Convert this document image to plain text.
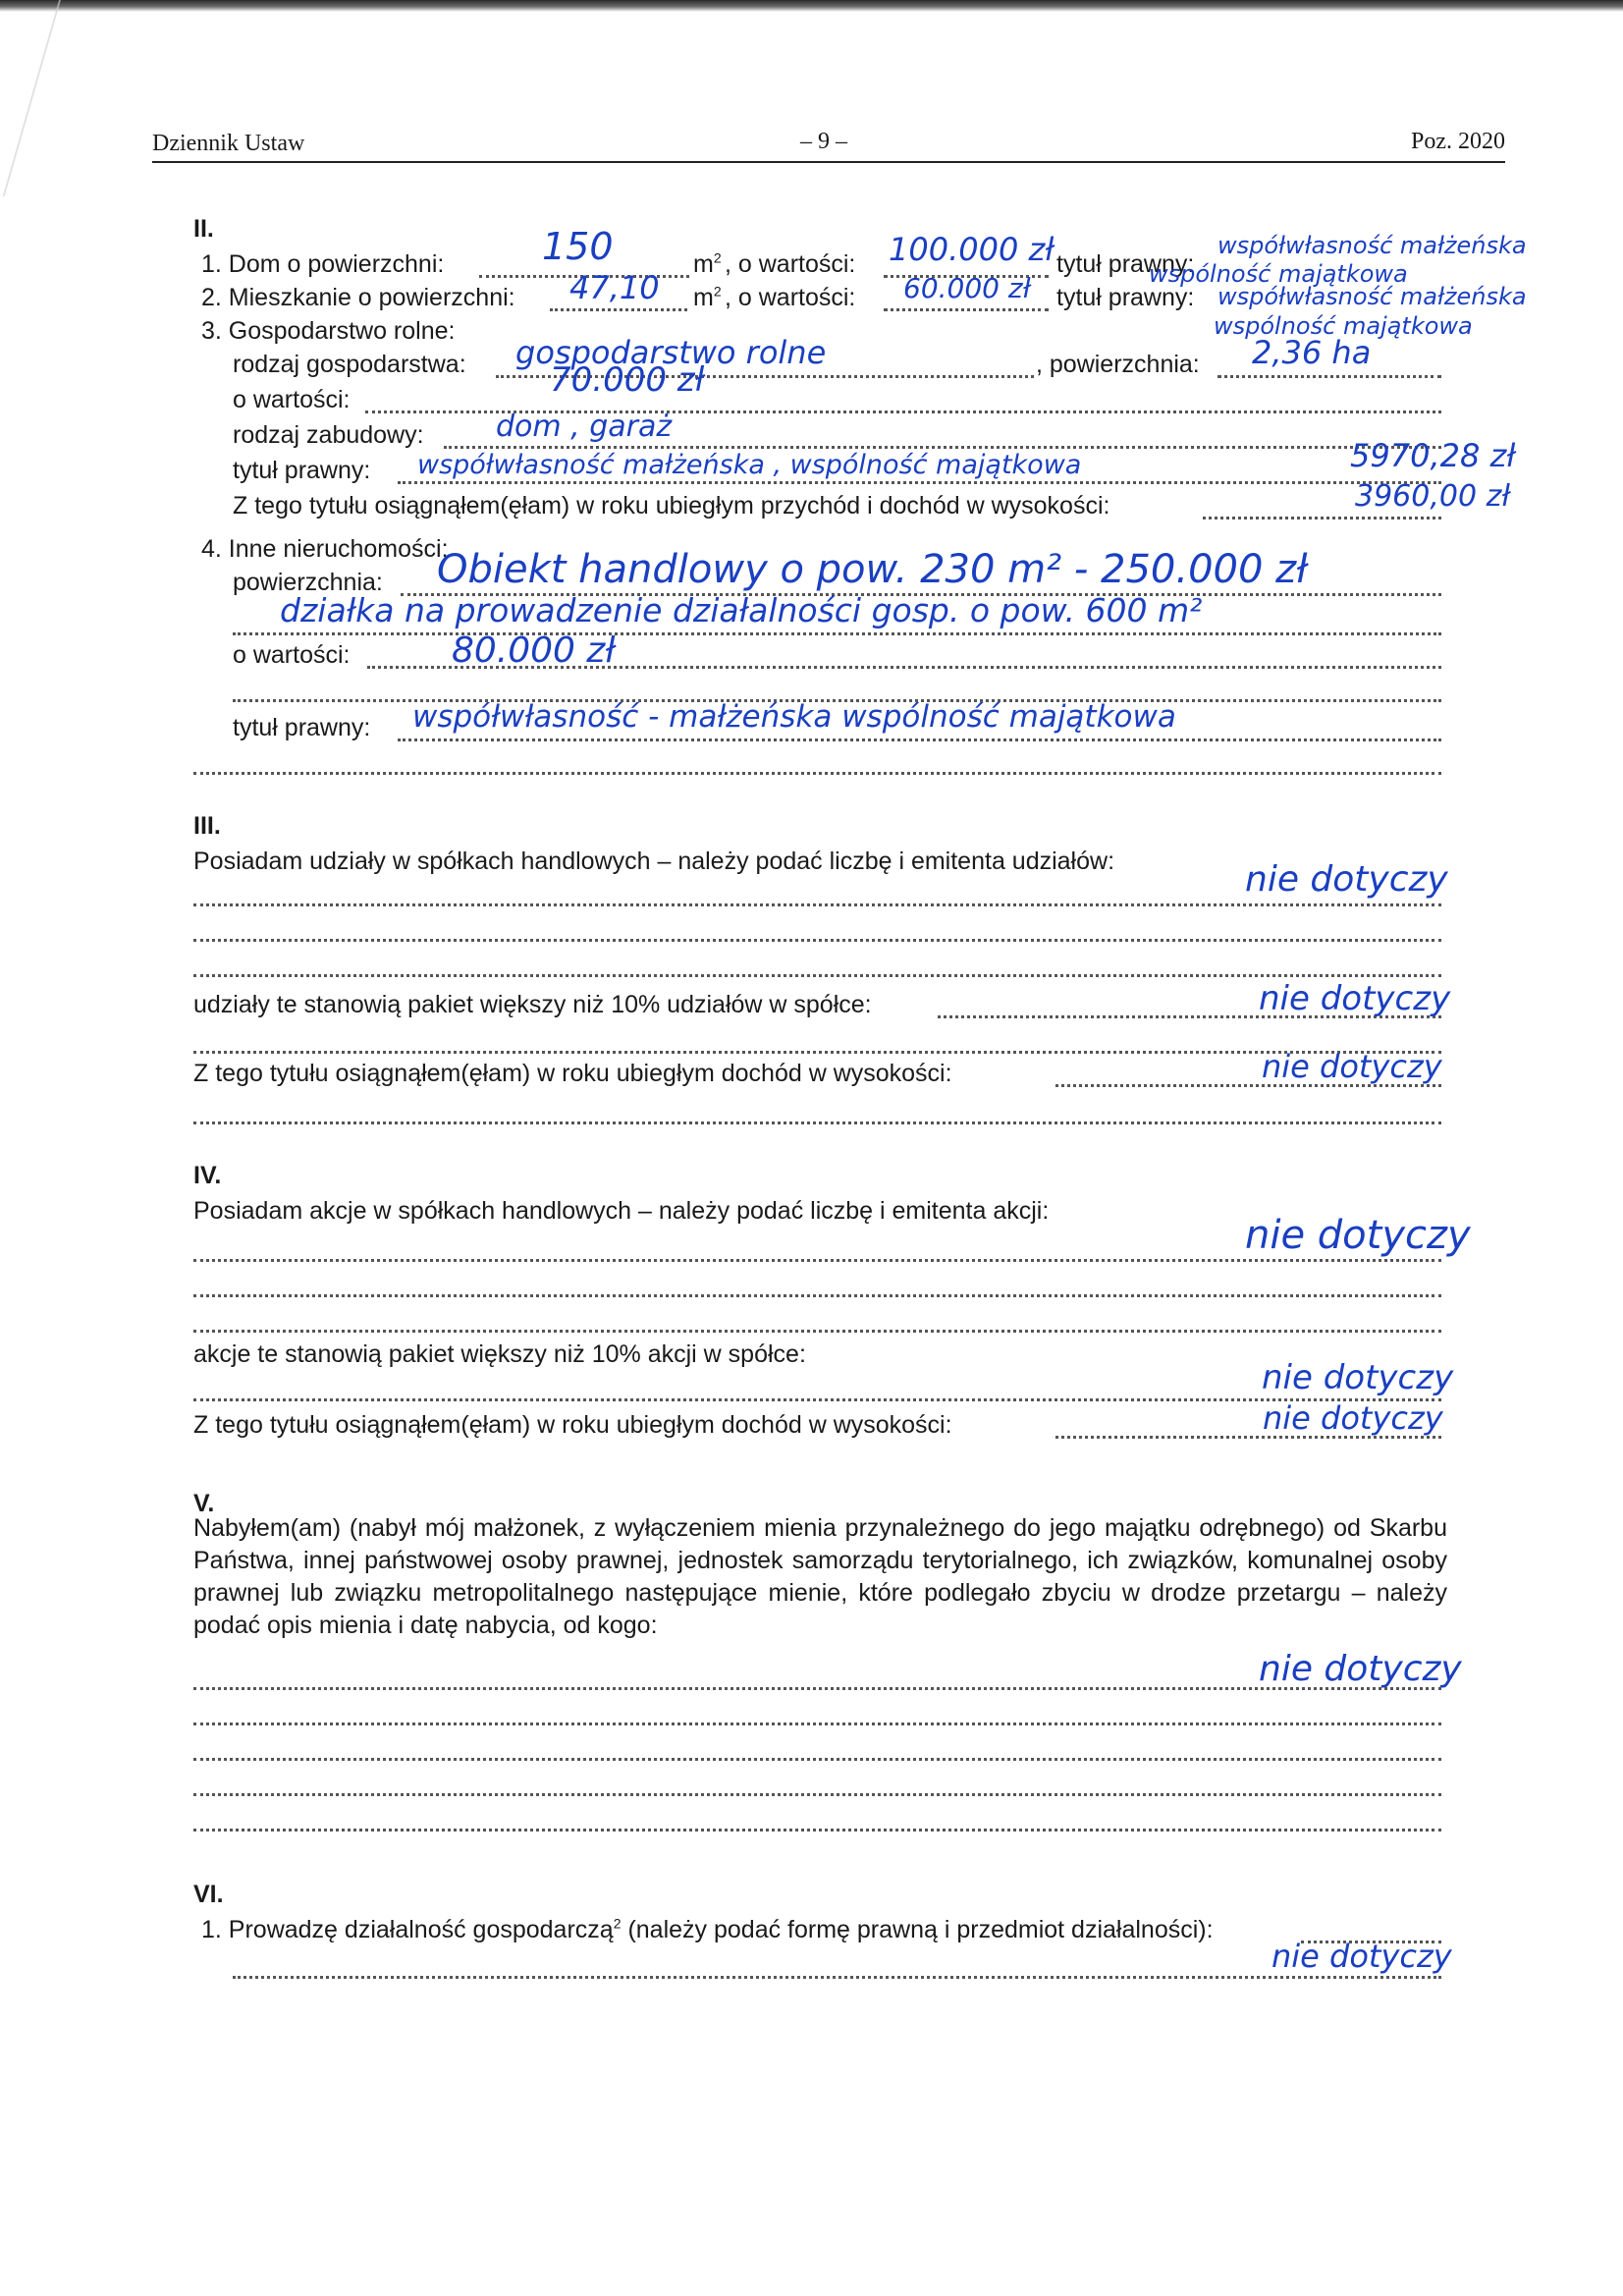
Dziennik Ustaw	– 9 –	Poz. 2020
II.
1. Dom o powierzchni:	150	$m^2$ , o wartości: 100.000 zł tytuł prawny:
współwłasność małżeńska
wspólność majątkowa
2. Mieszkanie o powierzchni: 47,10 $m^2$ , o wartości: 60.000 zł tytuł prawny: współwłasność małżeńska
wspólność majątkowa
3. Gospodarstwo rolne:
rodzaj gospodarstwa: gospodarstwo rolne	, powierzchnia: 2,36 ha
o wartości:	70.000 zł
rodzaj zabudowy: dom , garaż
tytuł prawny: współwłasność małżeńska , wspólność majątkowa	5970,28 zł
Z tego tytułu osiągnąłem(ęłam) w roku ubiegłym przychód i dochód w wysokości:	3960,00 zł
4. Inne nieruchomości:
powierzchnia: Obiekt handlowy o pow. 230 m² - 250.000 zł
działka na prowadzenie działalności gosp. o pow. 600 m²
o wartości:	80.000 zł
tytuł prawny: współwłasność - małżeńska wspólność majątkowa
III.
Posiadam udziały w spółkach handlowych – należy podać liczbę i emitenta udziałów:	nie dotyczy
udziały te stanowią pakiet większy niż 10% udziałów w spółce:	nie dotyczy
Z tego tytułu osiągnąłem(ęłam) w roku ubiegłym dochód w wysokości:	nie dotyczy
IV.
Posiadam akcje w spółkach handlowych – należy podać liczbę i emitenta akcji:
nie dotyczy
akcje te stanowią pakiet większy niż 10% akcji w spółce:
nie dotyczy
Z tego tytułu osiągnąłem(ęłam) w roku ubiegłym dochód w wysokości:	nie dotyczy
V.
Nabyłem(am) (nabył mój małżonek, z wyłączeniem mienia przynależnego do jego majątku odrębnego) od Skarbu Państwa, innej państwowej osoby prawnej, jednostek samorządu terytorialnego, ich związków, komunalnej osoby prawnej lub związku metropolitalnego następujące mienie, które podlegało zbyciu w drodze przetargu – należy podać opis mienia i datę nabycia, od kogo:
nie dotyczy
VI.
1. Prowadzę działalność gospodarczą$^2$ (należy podać formę prawną i przedmiot działalności):
nie dotyczy
